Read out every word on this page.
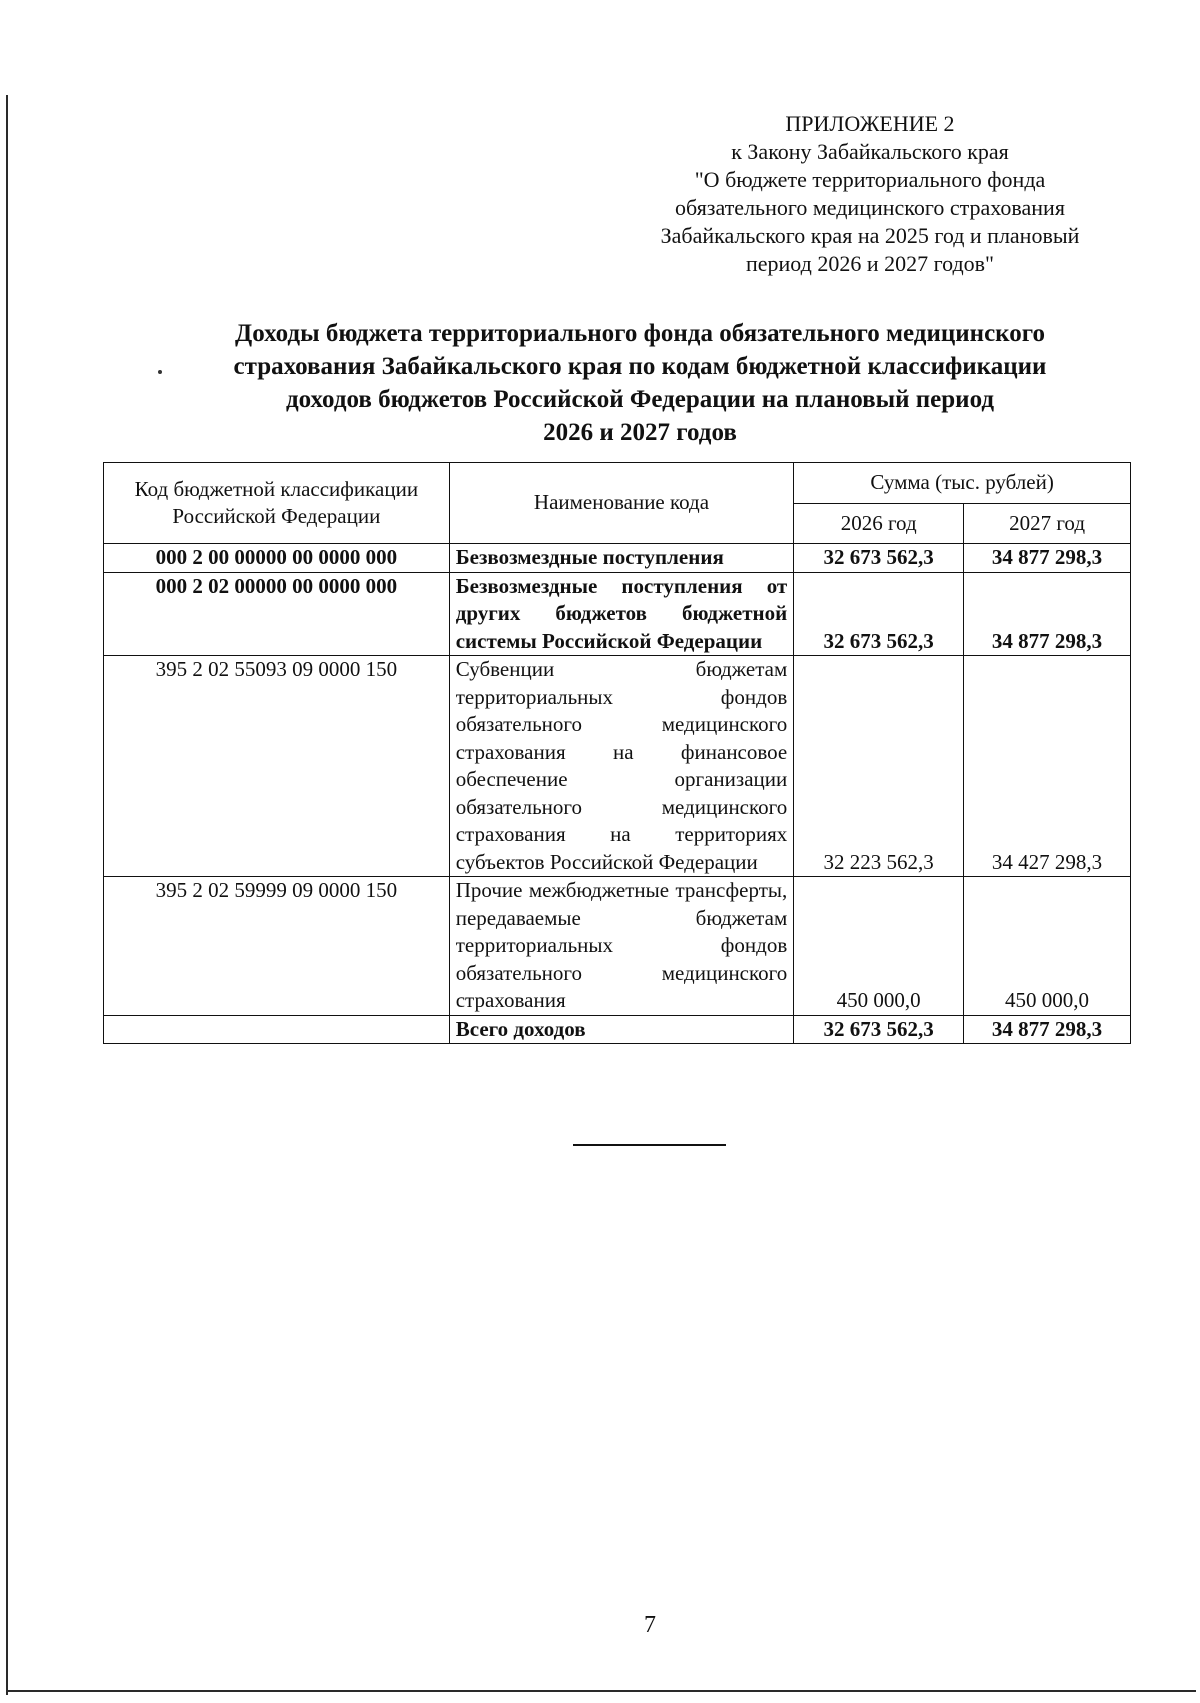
ПРИЛОЖЕНИЕ 2
к Закону Забайкальского края
"О бюджете территориального фонда
обязательного медицинского страхования
Забайкальского края на 2025 год и плановый
период 2026 и 2027 годов"
Доходы бюджета территориального фонда обязательного медицинского
страхования Забайкальского края по кодам бюджетной классификации
доходов бюджетов Российской Федерации на плановый период
2026 и 2027 годов
Код бюджетной классификации Российской Федерации	Наименование кода	Сумма (тыс. рублей)	
		2026 год	2027 год
000 2 00 00000 00 0000 000	Безвозмездные поступления	32 673 562,3	34 877 298,3
000 2 02 00000 00 0000 000	Безвозмездные поступления от других бюджетов бюджетной системы Российской Федерации	32 673 562,3	34 877 298,3
395 2 02 55093 09 0000 150	Субвенции бюджетам территориальных фондов обязательного медицинского страхования на финансовое обеспечение организации обязательного медицинского страхования на территориях субъектов Российской Федерации	32 223 562,3	34 427 298,3
395 2 02 59999 09 0000 150	Прочие межбюджетные трансферты, передаваемые бюджетам территориальных фондов обязательного медицинского страхования	450 000,0	450 000,0
	Всего доходов	32 673 562,3	34 877 298,3
7
